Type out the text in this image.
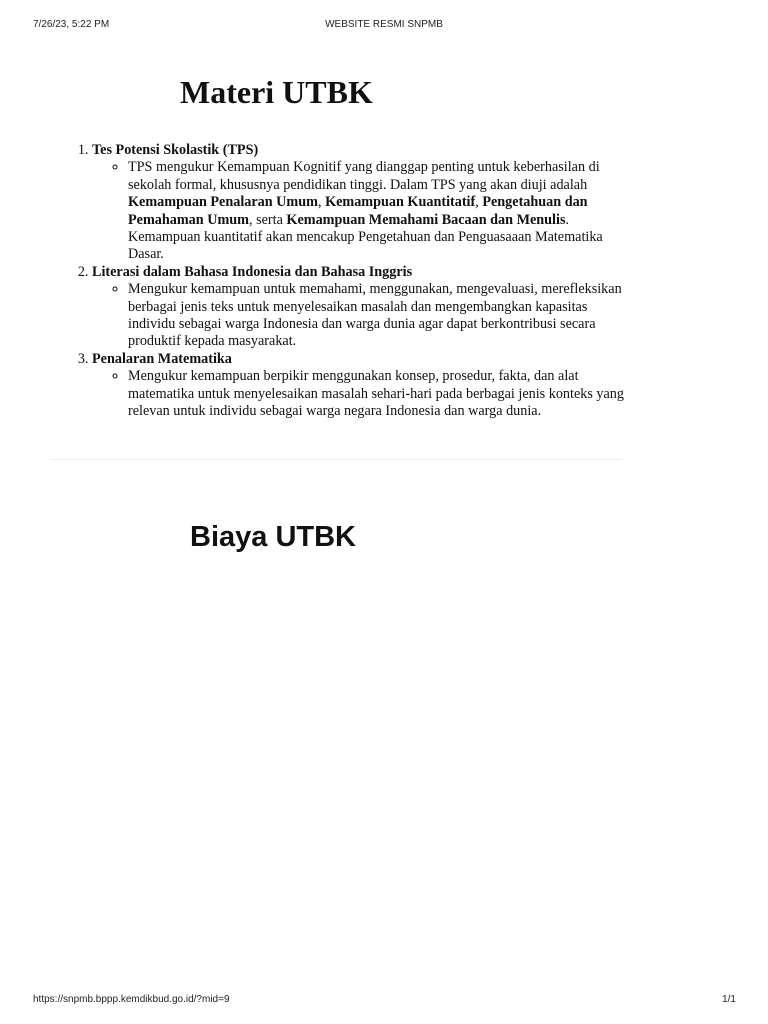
7/26/23, 5:22 PM	WEBSITE RESMI SNPMB
Materi UTBK
1. Tes Potensi Skolastik (TPS)
◦ TPS mengukur Kemampuan Kognitif yang dianggap penting untuk keberhasilan di sekolah formal, khususnya pendidikan tinggi. Dalam TPS yang akan diuji adalah Kemampuan Penalaran Umum, Kemampuan Kuantitatif, Pengetahuan dan Pemahaman Umum, serta Kemampuan Memahami Bacaan dan Menulis. Kemampuan kuantitatif akan mencakup Pengetahuan dan Penguasaaan Matematika Dasar.
2. Literasi dalam Bahasa Indonesia dan Bahasa Inggris
◦ Mengukur kemampuan untuk memahami, menggunakan, mengevaluasi, merefleksikan berbagai jenis teks untuk menyelesaikan masalah dan mengembangkan kapasitas individu sebagai warga Indonesia dan warga dunia agar dapat berkontribusi secara produktif kepada masyarakat.
3. Penalaran Matematika
◦ Mengukur kemampuan berpikir menggunakan konsep, prosedur, fakta, dan alat matematika untuk menyelesaikan masalah sehari-hari pada berbagai jenis konteks yang relevan untuk individu sebagai warga negara Indonesia dan warga dunia.
Biaya UTBK
https://snpmb.bppp.kemdikbud.go.id/?mid=9	1/1
